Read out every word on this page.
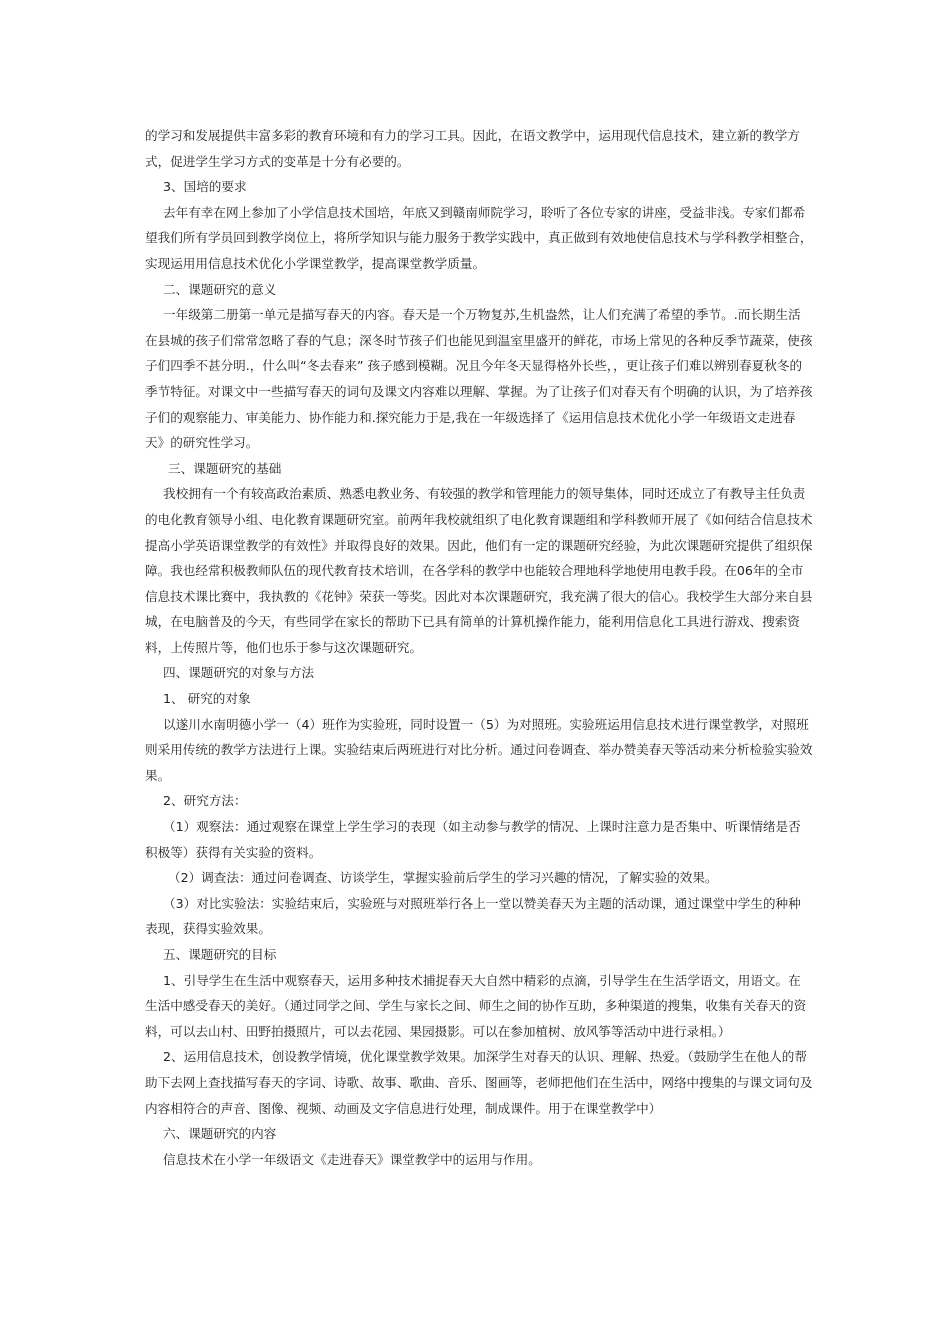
的学习和发展提供丰富多彩的教育环境和有力的学习工具。因此，在语文教学中，运用现代信息技术，建立新的教学方式，促进学生学习方式的变革是十分有必要的。

3、国培的要求

去年有幸在网上参加了小学信息技术国培，年底又到赣南师院学习，聆听了各位专家的讲座，受益非浅。专家们都希望我们所有学员回到教学岗位上，将所学知识与能力服务于教学实践中，真正做到有效地使信息技术与学科教学相整合，实现运用用信息技术优化小学课堂教学，提高课堂教学质量。

二、课题研究的意义

一年级第二册第一单元是描写春天的内容。春天是一个万物复苏,生机盎然，让人们充满了希望的季节。.而长期生活在县城的孩子们常常忽略了春的气息；深冬时节孩子们也能见到温室里盛开的鲜花，市场上常见的各种反季节蔬菜，使孩子们四季不甚分明.，什么叫“冬去春来” 孩子感到模糊。况且今年冬天显得格外长些，，更让孩子们难以辨别春夏秋冬的季节特征。对课文中一些描写春天的词句及课文内容难以理解、掌握。为了让孩子们对春天有个明确的认识，为了培养孩子们的观察能力、审美能力、协作能力和.探究能力于是,我在一年级选择了《运用信息技术优化小学一年级语文走进春天》的研究性学习。

三、课题研究的基础

我校拥有一个有较高政治素质、熟悉电教业务、有较强的教学和管理能力的领导集体，同时还成立了有教导主任负责的电化教育领导小组、电化教育课题研究室。前两年我校就组织了电化教育课题组和学科教师开展了《如何结合信息技术提高小学英语课堂教学的有效性》并取得良好的效果。因此，他们有一定的课题研究经验，为此次课题研究提供了组织保障。我也经常积极教师队伍的现代教育技术培训，在各学科的教学中也能较合理地科学地使用电教手段。在06年的全市信息技术课比赛中，我执教的《花钟》荣获一等奖。因此对本次课题研究，我充满了很大的信心。我校学生大部分来自县城，在电脑普及的今天，有些同学在家长的帮助下已具有简单的计算机操作能力，能利用信息化工具进行游戏、搜索资料，上传照片等，他们也乐于参与这次课题研究。

四、课题研究的对象与方法

1、 研究的对象

以遂川水南明德小学一（4）班作为实验班，同时设置一（5）为对照班。实验班运用信息技术进行课堂教学，对照班则采用传统的教学方法进行上课。实验结束后两班进行对比分析。通过问卷调查、举办赞美春天等活动来分析检验实验效果。

2、研究方法：

（1）观察法：通过观察在课堂上学生学习的表现（如主动参与教学的情况、上课时注意力是否集中、听课情绪是否积极等）获得有关实验的资料。

（2）调查法：通过问卷调查、访谈学生，掌握实验前后学生的学习兴趣的情况，了解实验的效果。

（3）对比实验法：实验结束后，实验班与对照班举行各上一堂以赞美春天为主题的活动课，通过课堂中学生的种种表现，获得实验效果。

五、课题研究的目标

1、引导学生在生活中观察春天，运用多种技术捕捉春天大自然中精彩的点滴，引导学生在生活学语文，用语文。在生活中感受春天的美好。（通过同学之间、学生与家长之间、师生之间的协作互助，多种渠道的搜集，收集有关春天的资料，可以去山村、田野拍摄照片，可以去花园、果园摄影。可以在参加植树、放风筝等活动中进行录相。）

2、运用信息技术，创设教学情境，优化课堂教学效果。加深学生对春天的认识、理解、热爱。（鼓励学生在他人的帮助下去网上查找描写春天的字词、诗歌、故事、歌曲、音乐、图画等，老师把他们在生活中，网络中搜集的与课文词句及内容相符合的声音、图像、视频、动画及文字信息进行处理，制成课件。用于在课堂教学中）

六、课题研究的内容

信息技术在小学一年级语文《走进春天》课堂教学中的运用与作用。
